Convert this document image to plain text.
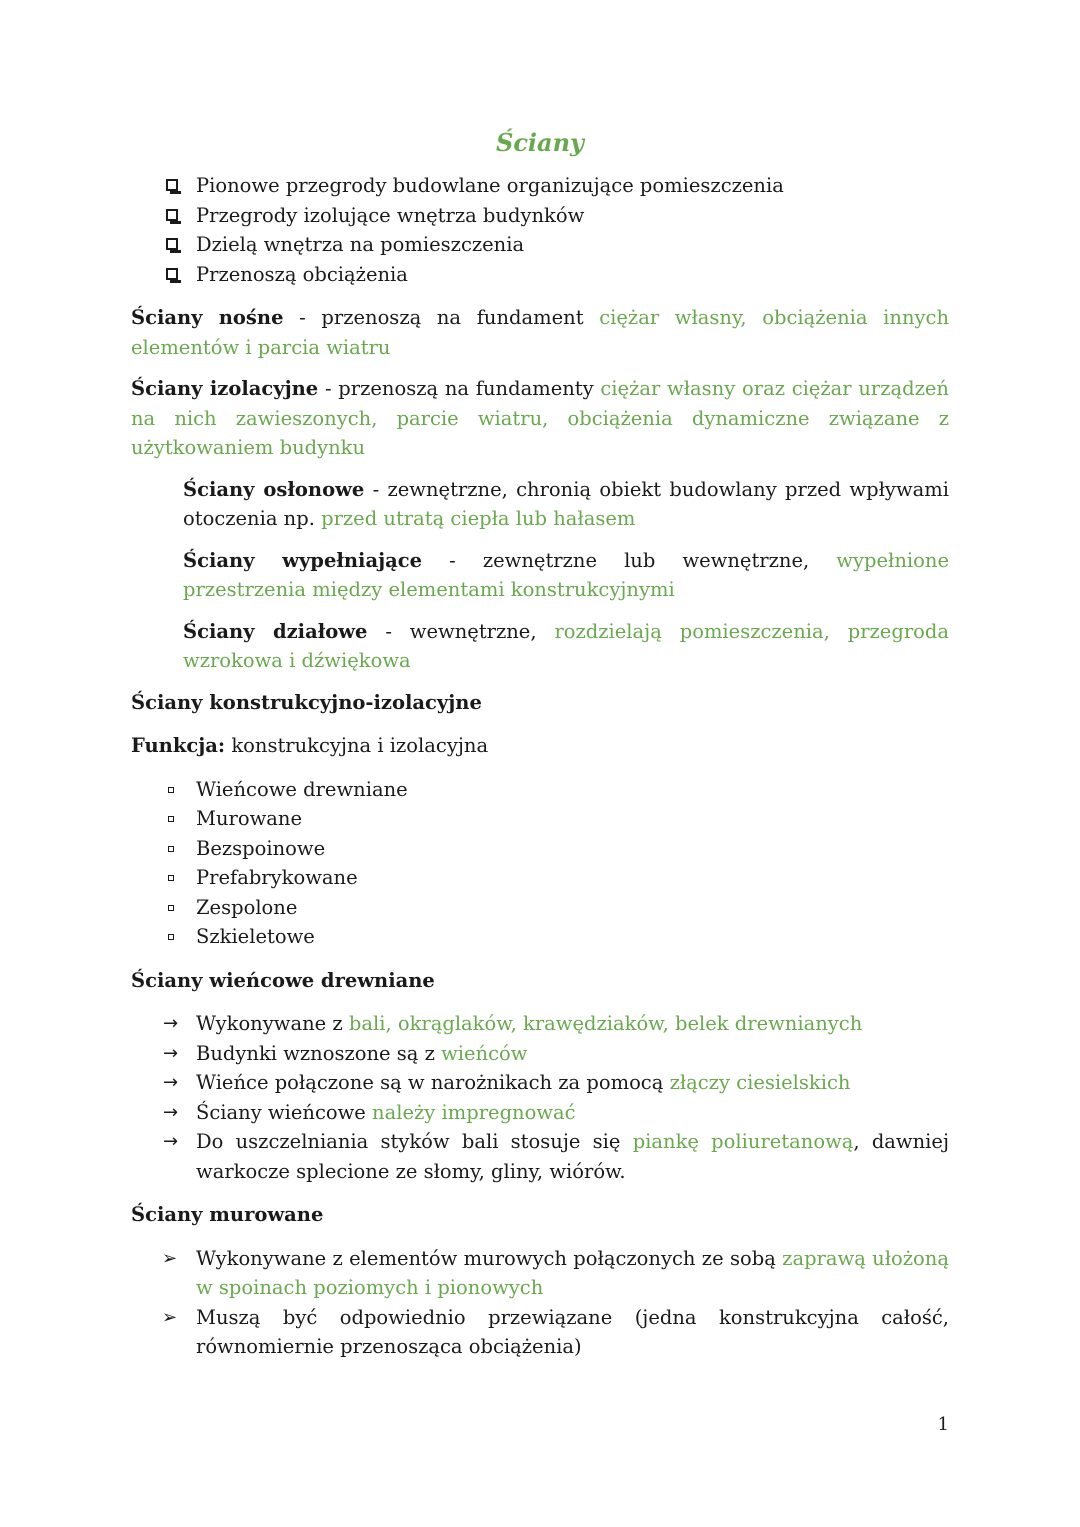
Ściany
Pionowe przegrody budowlane organizujące pomieszczenia
Przegrody izolujące wnętrza budynków
Dzielą wnętrza na pomieszczenia
Przenoszą obciążenia

Ściany nośne - przenoszą na fundament ciężar własny, obciążenia innych elementów i parcia wiatru

Ściany izolacyjne - przenoszą na fundamenty ciężar własny oraz ciężar urządzeń na nich zawieszonych, parcie wiatru, obciążenia dynamiczne związane z użytkowaniem budynku

Ściany osłonowe - zewnętrzne, chronią obiekt budowlany przed wpływami otoczenia np. przed utratą ciepła lub hałasem

Ściany wypełniające - zewnętrzne lub wewnętrzne, wypełnione przestrzenia między elementami konstrukcyjnymi

Ściany działowe - wewnętrzne, rozdzielają pomieszczenia, przegroda wzrokowa i dźwiękowa

Ściany konstrukcyjno-izolacyjne

Funkcja: konstrukcyjna i izolacyjna

Wieńcowe drewniane
Murowane
Bezspoinowe
Prefabrykowane
Zespolone
Szkieletowe

Ściany wieńcowe drewniane

→ Wykonywane z bali, okrąglaków, krawędziaków, belek drewnianych
→ Budynki wznoszone są z wieńców
→ Wieńce połączone są w narożnikach za pomocą złączy ciesielskich
→ Ściany wieńcowe należy impregnować
→ Do uszczelniania styków bali stosuje się piankę poliuretanową, dawniej warkocze splecione ze słomy, gliny, wiórów.

Ściany murowane

➢ Wykonywane z elementów murowych połączonych ze sobą zaprawą ułożoną w spoinach poziomych i pionowych
➢ Muszą być odpowiednio przewiązane (jedna konstrukcyjna całość, równomiernie przenosząca obciążenia)
1
